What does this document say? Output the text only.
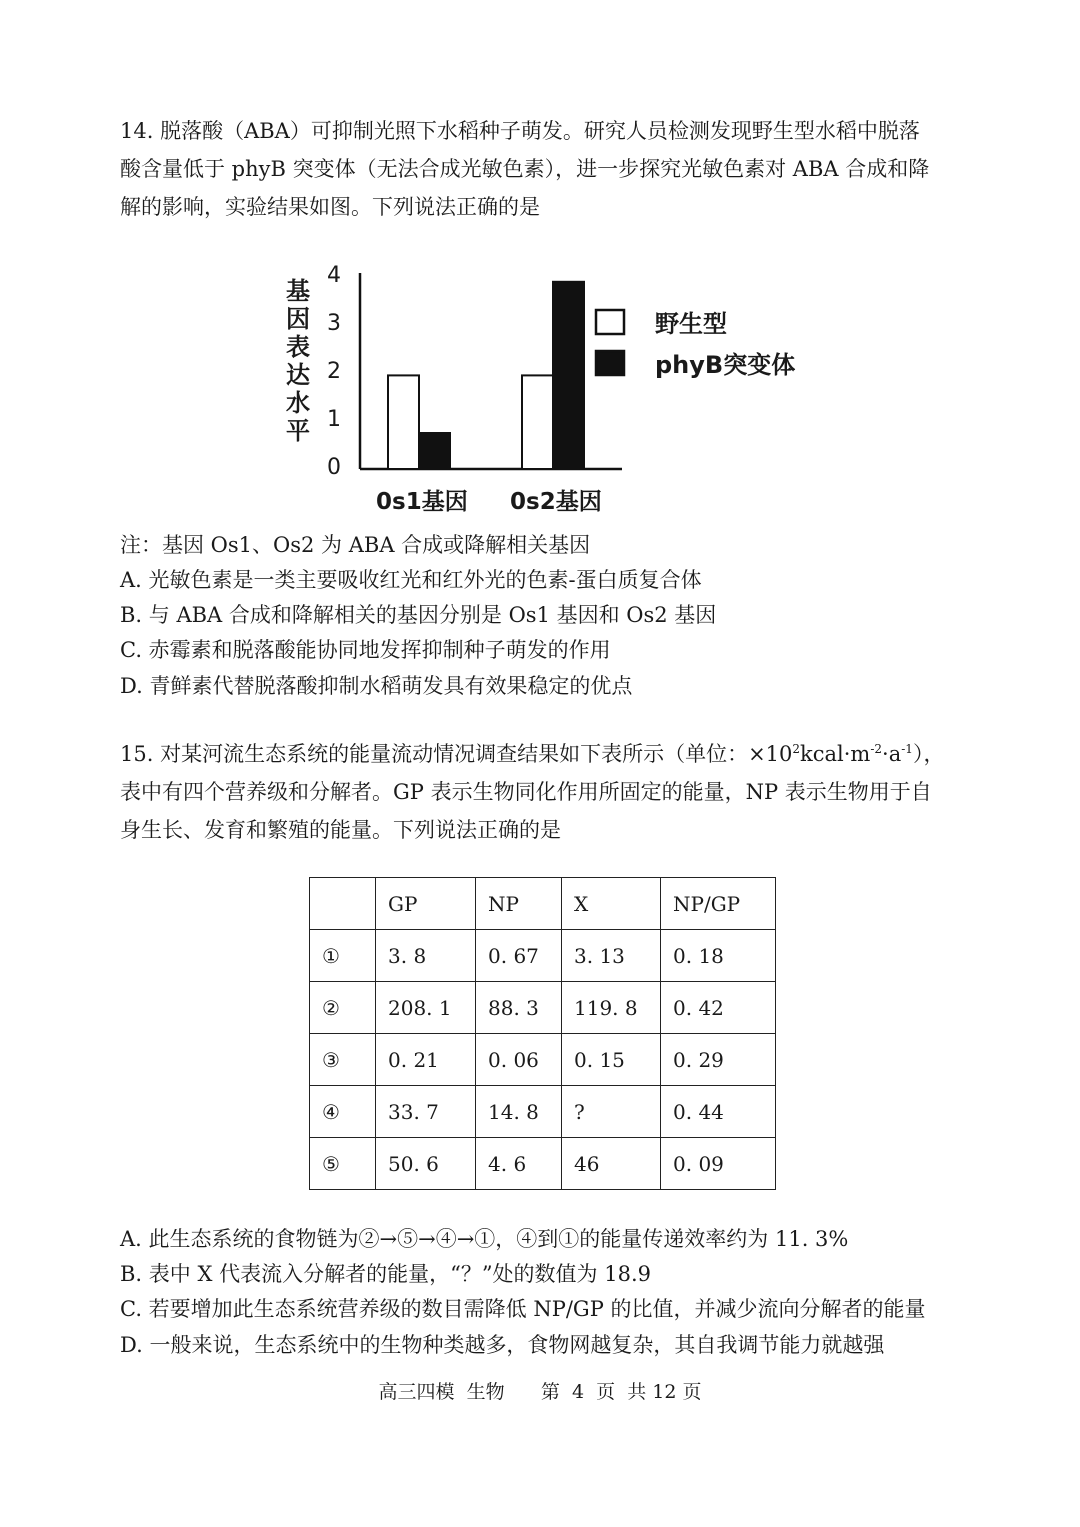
14. 脱落酸（ABA）可抑制光照下水稻种子萌发。研究人员检测发现野生型水稻中脱落
酸含量低于 phyB 突变体（无法合成光敏色素），进一步探究光敏色素对 ABA 合成和降
解的影响，实验结果如图。下列说法正确的是
基
因
表
达
水
平
0
1
2
3
4
0s1基因 0s2基因
野生型
phyB突变体
注：基因 Os1、Os2 为 ABA 合成或降解相关基因
A. 光敏色素是一类主要吸收红光和红外光的色素-蛋白质复合体
B. 与 ABA 合成和降解相关的基因分别是 Os1 基因和 Os2 基因
C. 赤霉素和脱落酸能协同地发挥抑制种子萌发的作用
D. 青鲜素代替脱落酸抑制水稻萌发具有效果稳定的优点
15. 对某河流生态系统的能量流动情况调查结果如下表所示（单位：$\times 10^2kcal\cdot m^{-2}\cdot a^{-1}$），
表中有四个营养级和分解者。GP 表示生物同化作用所固定的能量，NP 表示生物用于自
身生长、发育和繁殖的能量。下列说法正确的是
	GP	NP	X	NP/GP
①	3. 8	0. 67	3. 13	0. 18
②	208. 1	88. 3	119. 8	0. 42
③	0. 21	0. 06	0. 15	0. 29
④	33. 7	14. 8	?	0. 44
⑤	50. 6	4. 6	46	0. 09
A. 此生态系统的食物链为②→⑤→④→①，④到①的能量传递效率约为 11. 3%
B. 表中 X 代表流入分解者的能量，“？”处的数值为 18.9
C. 若要增加此生态系统营养级的数目需降低 NP/GP 的比值，并减少流向分解者的能量
D. 一般来说，生态系统中的生物种类越多，食物网越复杂，其自我调节能力就越强
高三四模  生物      第  4  页  共 12 页
